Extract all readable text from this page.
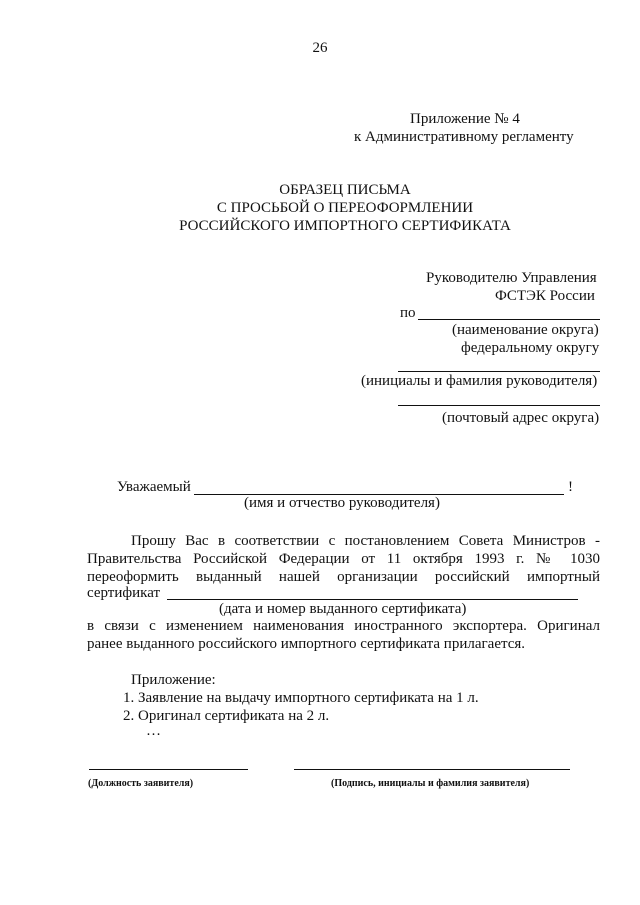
26
Приложение № 4
к Административному регламенту
ОБРАЗЕЦ ПИСЬМА
С ПРОСЬБОЙ О ПЕРЕОФОРМЛЕНИИ
РОССИЙСКОГО ИМПОРТНОГО СЕРТИФИКАТА
Руководителю Управления
ФСТЭК России
по
(наименование округа)
федеральному округу
(инициалы и фамилия руководителя)
(почтовый адрес округа)
Уважаемый	!
(имя и отчество руководителя)
Прошу Вас в соответствии с постановлением Совета Министров -
Правительства Российской Федерации от 11 октября 1993 г. № 1030
переоформить выданный нашей организации российский импортный
сертификат
(дата и номер выданного сертификата)
в связи с изменением наименования иностранного экспортера. Оригинал
ранее выданного российского импортного сертификата прилагается.
Приложение:
1. Заявление на выдачу импортного сертификата на 1 л.
2. Оригинал сертификата на 2 л.
…
(Должность заявителя)	(Подпись, инициалы и фамилия заявителя)
